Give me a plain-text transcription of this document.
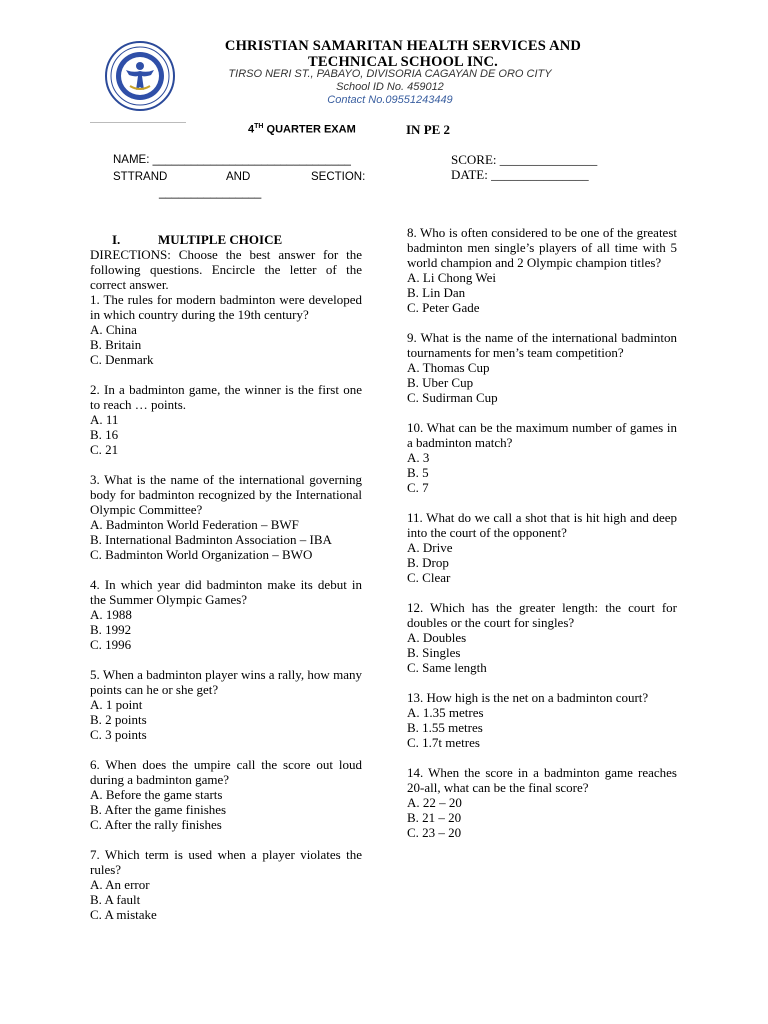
CHRISTIAN SAMARITAN HEALTH SERVICES AND TECHNICAL SCHOOL INC.
TIRSO NERI ST., PABAYO, DIVISORIA CAGAYAN DE ORO CITY
School ID No. 459012
Contact No.09551243449
4TH QUARTER EXAM	IN PE 2
NAME: _______________________________
STTRAND	AND	SECTION:
________________
SCORE: _______________
DATE: _______________
I.	MULTIPLE CHOICE
DIRECTIONS: Choose the best answer for the following questions. Encircle the letter of the correct answer.
1. The rules for modern badminton were developed in which country during the 19th century?
A. China
B. Britain
C. Denmark
2. In a badminton game, the winner is the first one to reach … points.
A. 11
B. 16
C. 21
3. What is the name of the international governing body for badminton recognized by the International Olympic Committee?
A. Badminton World Federation – BWF
B. International Badminton Association – IBA
C. Badminton World Organization – BWO
4. In which year did badminton make its debut in the Summer Olympic Games?
A. 1988
B. 1992
C. 1996
5. When a badminton player wins a rally, how many points can he or she get?
A. 1 point
B. 2 points
C. 3 points
6. When does the umpire call the score out loud during a badminton game?
A. Before the game starts
B. After the game finishes
C. After the rally finishes
7. Which term is used when a player violates the rules?
A. An error
B. A fault
C. A mistake
8. Who is often considered to be one of the greatest badminton men single’s players of all time with 5 world champion and 2 Olympic champion titles?
A. Li Chong Wei
B. Lin Dan
C. Peter Gade
9. What is the name of the international badminton tournaments for men’s team competition?
A. Thomas Cup
B. Uber Cup
C. Sudirman Cup
10. What can be the maximum number of games in a badminton match?
A. 3
B. 5
C. 7
11. What do we call a shot that is hit high and deep into the court of the opponent?
A. Drive
B. Drop
C. Clear
12. Which has the greater length: the court for doubles or the court for singles?
A. Doubles
B. Singles
C. Same length
13. How high is the net on a badminton court?
A. 1.35 metres
B. 1.55 metres
C. 1.7t metres
14. When the score in a badminton game reaches 20-all, what can be the final score?
A. 22 – 20
B. 21 – 20
C. 23 – 20
